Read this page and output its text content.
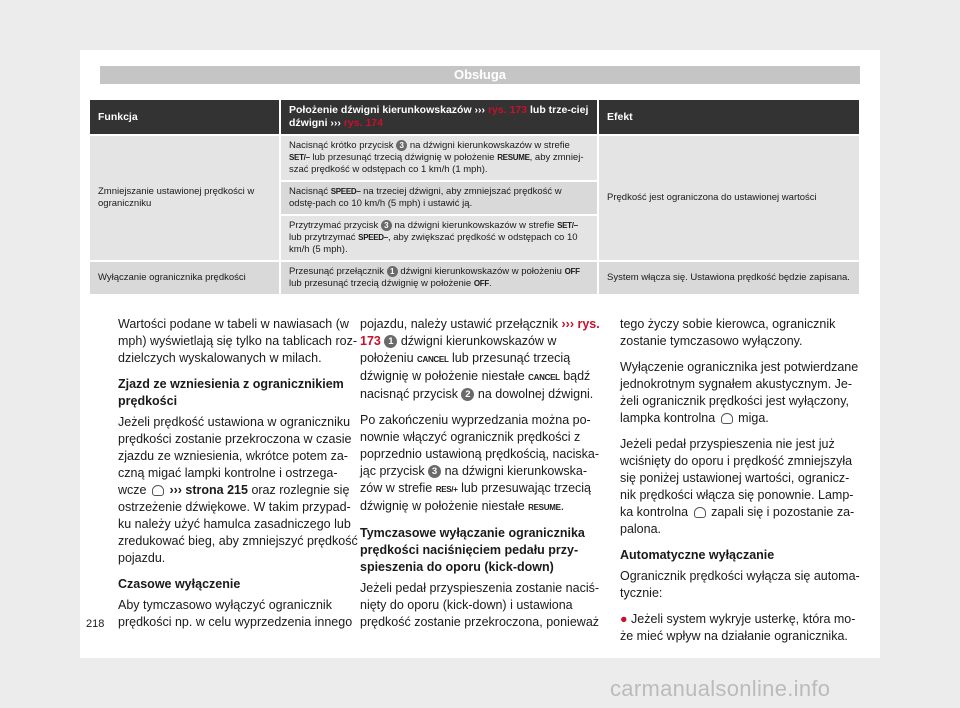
Obsługa
Funkcja	Położenie dźwigni kierunkowskazów ››› rys. 173 lub trze-ciej dźwigni ››› rys. 174	Efekt
Zmniejszanie ustawionej prędkości w ograniczniku	Nacisnąć krótko przycisk 3 na dźwigni kierunkowskazów w strefie SET/– lub przesunąć trzecią dźwignię w położenie RESUME, aby zmniej-szać prędkość w odstępach co 1 km/h (1 mph).	Prędkość jest ograniczona do ustawionej wartości
	Nacisnąć SPEED– na trzeciej dźwigni, aby zmniejszać prędkość w odstę-pach co 10 km/h (5 mph) i ustawić ją.	
	Przytrzymać przycisk 3 na dźwigni kierunkowskazów w strefie SET/– lub przytrzymać SPEED–, aby zwiększać prędkość w odstępach co 10 km/h (5 mph).	
Wyłączanie ogranicznika prędkości	Przesunąć przełącznik 1 dźwigni kierunkowskazów w położeniu OFF lub przesunąć trzecią dźwignię w położenie OFF.	System włącza się. Ustawiona prędkość będzie zapisana.

Wartości podane w tabeli w nawiasach (w mph) wyświetlają się tylko na tablicach roz-dzielczych wyskalowanych w milach.

Zjazd ze wzniesienia z ogranicznikiem prędkości

Jeżeli prędkość ustawiona w ograniczniku prędkości zostanie przekroczona w czasie zjazdu ze wzniesienia, wkrótce potem za-czną migać lampki kontrolne i ostrzega-wcze ››› strona 215 oraz rozlegnie się ostrzeżenie dźwiękowe. W takim przypad-ku należy użyć hamulca zasadniczego lub zredukować bieg, aby zmniejszyć prędkość pojazdu.

Czasowe wyłączenie

Aby tymczasowo wyłączyć ogranicznik prędkości np. w celu wyprzedzenia innego

pojazdu, należy ustawić przełącznik ››› rys. 173 1 dźwigni kierunkowskazów w położeniu CANCEL lub przesunąć trzecią dźwignię w położenie niestałe CANCEL bądź nacisnąć przycisk 2 na dowolnej dźwigni.

Po zakończeniu wyprzedzania można po-nownie włączyć ogranicznik prędkości z poprzednio ustawioną prędkością, naciska-jąc przycisk 3 na dźwigni kierunkowska-zów w strefie RES/+ lub przesuwając trzecią dźwignię w położenie niestałe RESUME.

Tymczasowe wyłączanie ogranicznika prędkości naciśnięciem pedału przy-spieszenia do oporu (kick-down)

Jeżeli pedał przyspieszenia zostanie naciś-nięty do oporu (kick-down) i ustawiona prędkość zostanie przekroczona, ponieważ

tego życzy sobie kierowca, ogranicznik zostanie tymczasowo wyłączony.

Wyłączenie ogranicznika jest potwierdzane jednokrotnym sygnałem akustycznym. Je-żeli ogranicznik prędkości jest wyłączony, lampka kontrolna miga.

Jeżeli pedał przyspieszenia nie jest już wciśnięty do oporu i prędkość zmniejszyła się poniżej ustawionej wartości, ogranicz-nik prędkości włącza się ponownie. Lamp-ka kontrolna zapali się i pozostanie za-palona.

Automatyczne wyłączanie

Ogranicznik prędkości wyłącza się automa-tycznie:

● Jeżeli system wykryje usterkę, która mo-że mieć wpływ na działanie ogranicznika.

218
carmanualsonline.info
